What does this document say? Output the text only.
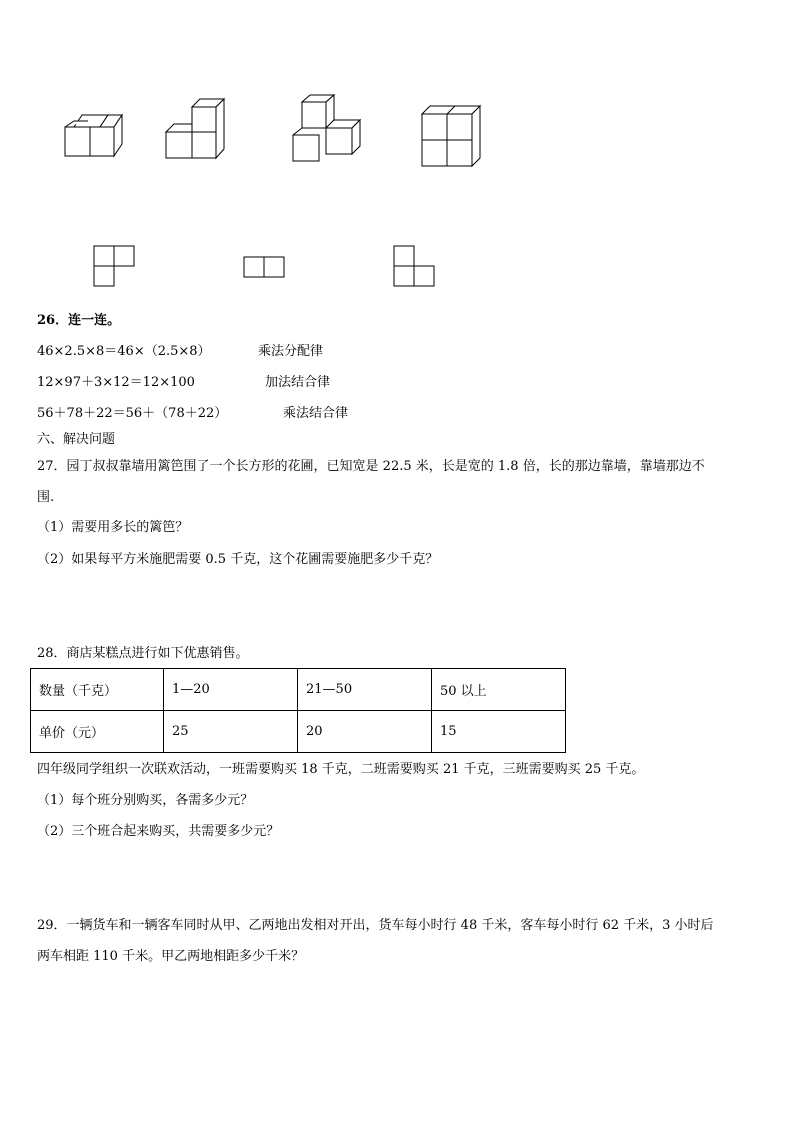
26．连一连。
46×2.5×8＝46×（2.5×8）	乘法分配律
12×97＋3×12＝12×100	加法结合律
56＋78＋22＝56＋（78＋22）	乘法结合律
六、解决问题
27．园丁叔叔靠墙用篱笆围了一个长方形的花圃，已知宽是 22.5 米，长是宽的 1.8 倍，长的那边靠墙，靠墙那边不
围.
（1）需要用多长的篱笆？
（2）如果每平方米施肥需要 0.5 千克，这个花圃需要施肥多少千克？
28．商店某糕点进行如下优惠销售。
数量（千克）	1—20	21—50	50 以上
单价（元）	25	20	15
四年级同学组织一次联欢活动，一班需要购买 18 千克，二班需要购买 21 千克，三班需要购买 25 千克。
（1）每个班分别购买，各需多少元？
（2）三个班合起来购买，共需要多少元？
29．一辆货车和一辆客车同时从甲、乙两地出发相对开出，货车每小时行 48 千米，客车每小时行 62 千米，3 小时后
两车相距 110 千米。甲乙两地相距多少千米？
